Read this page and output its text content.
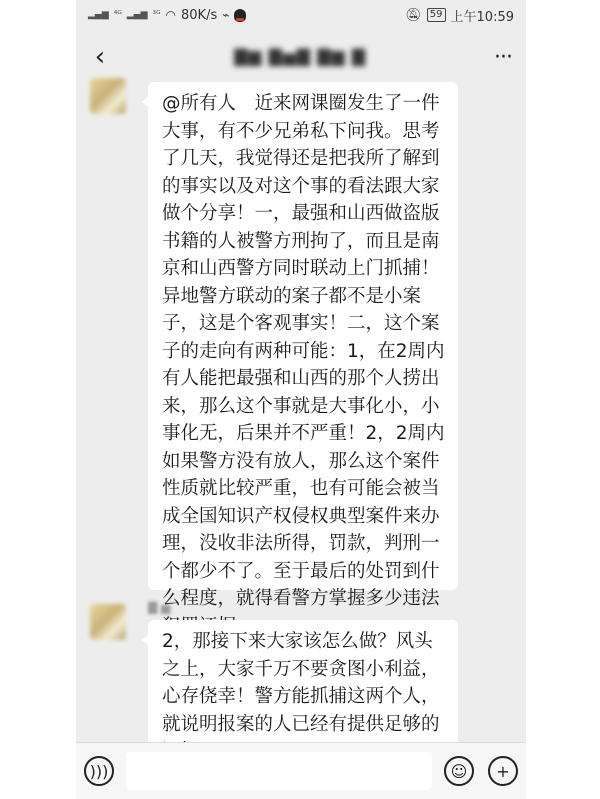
▂▄▆ ⁴ᴳ ▂▄▆ ³ᴳ ◠ 80K/s ⌁	🔕︎ 59 上午10:59
‹	▇▆ ▇▅▇ ▇▆ ▇	···
@所有人　近来网课圈发生了一件大事，有不少兄弟私下问我。思考了几天，我觉得还是把我所了解到的事实以及对这个事的看法跟大家做个分享！一，最强和山西做盗版书籍的人被警方刑拘了，而且是南京和山西警方同时联动上门抓捕！异地警方联动的案子都不是小案子，这是个客观事实！二，这个案子的走向有两种可能：1，在2周内有人能把最强和山西的那个人捞出来，那么这个事就是大事化小，小事化无，后果并不严重！2，2周内如果警方没有放人，那么这个案件性质就比较严重，也有可能会被当成全国知识产权侵权典型案件来办理，没收非法所得，罚款，判刑一个都少不了。至于最后的处罚到什么程度，就得看警方掌握多少违法
▇ ▅
2，那接下来大家该怎么做？风头之上，大家千万不要贪图小利益，心存侥幸！警方能抓捕这两个人，就说明报案的人已经有提供足够的
)))	☺ +
